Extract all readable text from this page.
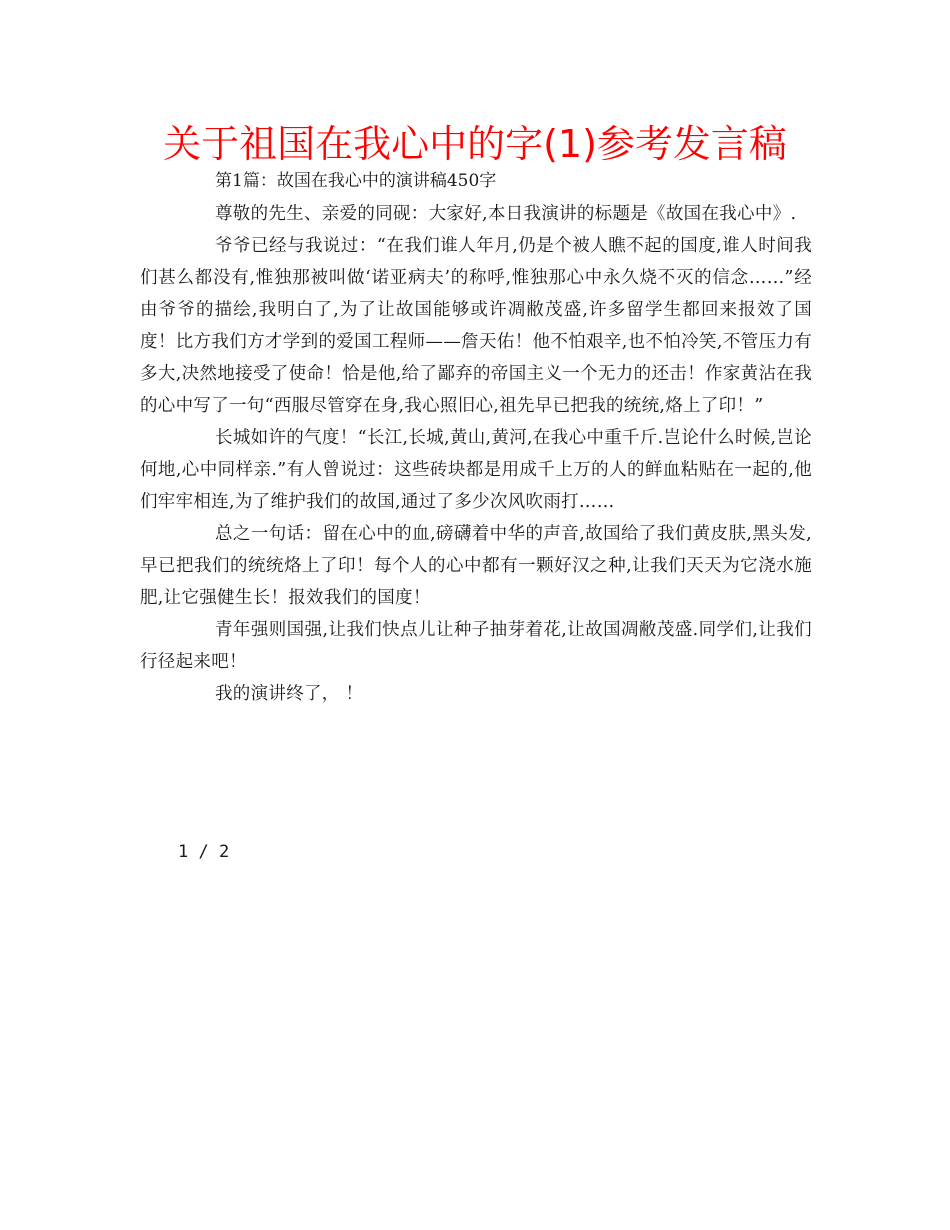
关于祖国在我心中的字(1)参考发言稿

第1篇：故国在我心中的演讲稿450字

尊敬的先生、亲爱的同砚：大家好,本日我演讲的标题是《故国在我心中》.

爷爷已经与我说过：“在我们谁人年月,仍是个被人瞧不起的国度,谁人时间我们甚么都没有,惟独那被叫做‘诺亚病夫’的称呼,惟独那心中永久烧不灭的信念……”经由爷爷的描绘,我明白了,为了让故国能够或许凋敝茂盛,许多留学生都回来报效了国度！比方我们方才学到的爱国工程师——詹天佑！他不怕艰辛,也不怕冷笑,不管压力有多大,决然地接受了使命！恰是他,给了鄙弃的帝国主义一个无力的还击！作家黄沾在我的心中写了一句“西服尽管穿在身,我心照旧心,祖先早已把我的统统,烙上了印！”

长城如许的气度！“长江,长城,黄山,黄河,在我心中重千斤.岂论什么时候,岂论何地,心中同样亲.”有人曾说过：这些砖块都是用成千上万的人的鲜血粘贴在一起的,他们牢牢相连,为了维护我们的故国,通过了多少次风吹雨打……

总之一句话：留在心中的血,磅礴着中华的声音,故国给了我们黄皮肤,黑头发,早已把我们的统统烙上了印！每个人的心中都有一颗好汉之种,让我们天天为它浇水施肥,让它强健生长！报效我们的国度！

青年强则国强,让我们快点儿让种子抽芽着花,让故国凋敝茂盛.同学们,让我们行径起来吧！

我的演讲终了， ！

1 / 2
